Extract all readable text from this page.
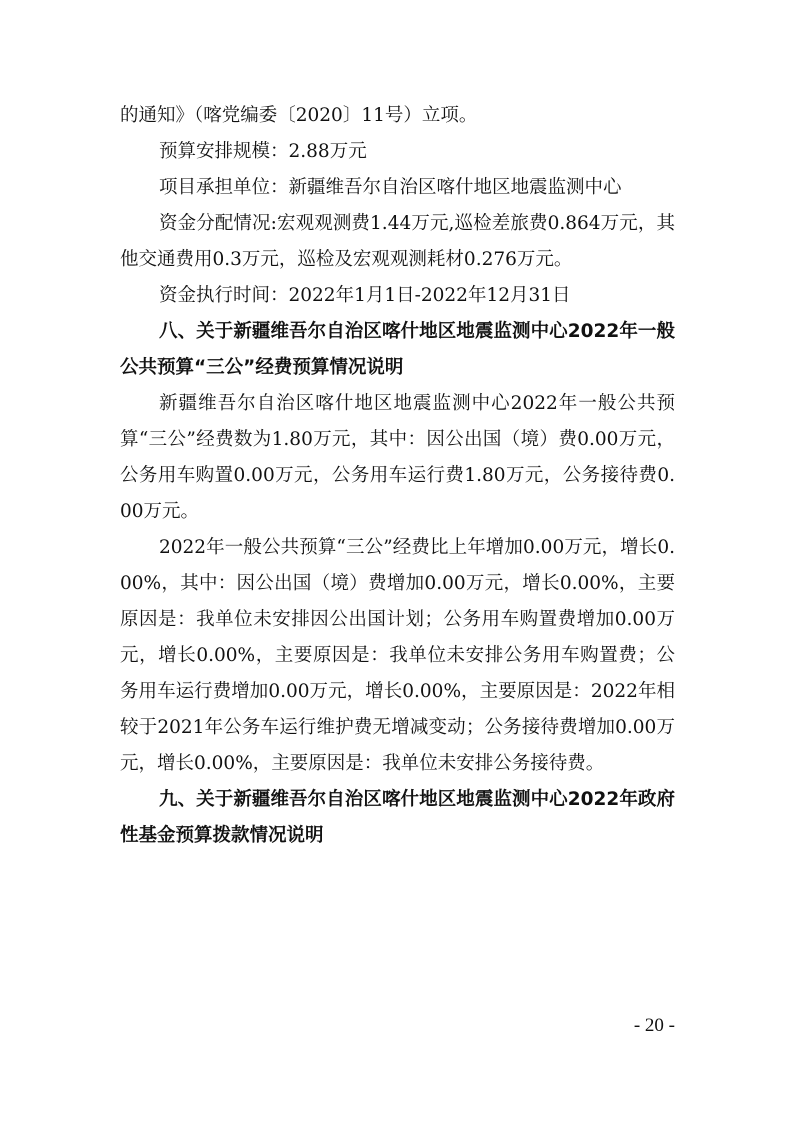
的通知》（喀党编委〔2020〕11号）立项。

预算安排规模：2.88万元

项目承担单位：新疆维吾尔自治区喀什地区地震监测中心

资金分配情况:宏观观测费1.44万元,巡检差旅费0.864万元，其他交通费用0.3万元，巡检及宏观观测耗材0.276万元。

资金执行时间：2022年1月1日-2022年12月31日

八、关于新疆维吾尔自治区喀什地区地震监测中心2022年一般公共预算“三公”经费预算情况说明

新疆维吾尔自治区喀什地区地震监测中心2022年一般公共预算“三公”经费数为1.80万元，其中：因公出国（境）费0.00万元，公务用车购置0.00万元，公务用车运行费1.80万元，公务接待费0.00万元。

2022年一般公共预算“三公”经费比上年增加0.00万元，增长0.00%，其中：因公出国（境）费增加0.00万元，增长0.00%，主要原因是：我单位未安排因公出国计划；公务用车购置费增加0.00万元，增长0.00%，主要原因是：我单位未安排公务用车购置费；公务用车运行费增加0.00万元，增长0.00%，主要原因是：2022年相较于2021年公务车运行维护费无增减变动；公务接待费增加0.00万元，增长0.00%，主要原因是：我单位未安排公务接待费。

九、关于新疆维吾尔自治区喀什地区地震监测中心2022年政府性基金预算拨款情况说明

- 20 -
